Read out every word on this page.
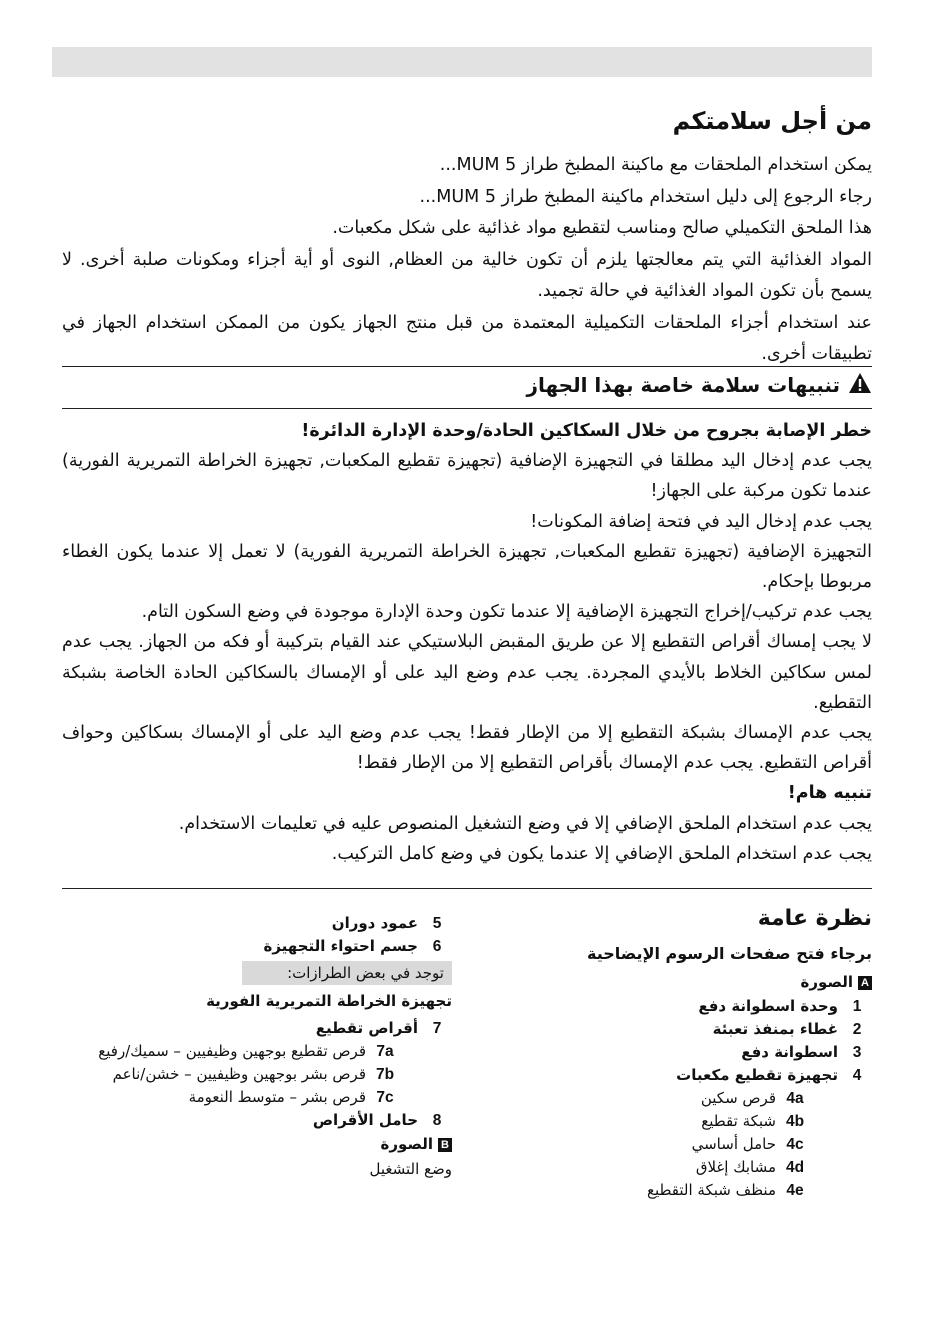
من أجل سلامتكم

يمكن استخدام الملحقات مع ماكينة المطبخ طراز MUM 5...

رجاء الرجوع إلى دليل استخدام ماكينة المطبخ طراز MUM 5...

هذا الملحق التكميلي صالح ومناسب لتقطيع مواد غذائية على شكل مكعبات.

المواد الغذائية التي يتم معالجتها يلزم أن تكون خالية من العظام, النوى أو أية أجزاء ومكونات صلبة أخرى. لا يسمح بأن تكون المواد الغذائية في حالة تجميد.

عند استخدام أجزاء الملحقات التكميلية المعتمدة من قبل منتج الجهاز يكون من الممكن استخدام الجهاز في تطبيقات أخرى.

تنبيهات سلامة خاصة بهذا الجهاز

خطر الإصابة بجروح من خلال السكاكين الحادة/وحدة الإدارة الدائرة!

يجب عدم إدخال اليد مطلقا في التجهيزة الإضافية (تجهيزة تقطيع المكعبات, تجهيزة الخراطة التمريرية الفورية) عندما تكون مركبة على الجهاز!

يجب عدم إدخال اليد في فتحة إضافة المكونات!

التجهيزة الإضافية (تجهيزة تقطيع المكعبات, تجهيزة الخراطة التمريرية الفورية) لا تعمل إلا عندما يكون الغطاء مربوطا بإحكام.

يجب عدم تركيب/إخراج التجهيزة الإضافية إلا عندما تكون وحدة الإدارة موجودة في وضع السكون التام.

لا يجب إمساك أقراص التقطيع إلا عن طريق المقبض البلاستيكي عند القيام بتركيبة أو فكه من الجهاز. يجب عدم لمس سكاكين الخلاط بالأيدي المجردة. يجب عدم وضع اليد على أو الإمساك بالسكاكين الحادة الخاصة بشبكة التقطيع.

يجب عدم الإمساك بشبكة التقطيع إلا من الإطار فقط! يجب عدم وضع اليد على أو الإمساك بسكاكين وحواف أقراص التقطيع. يجب عدم الإمساك بأقراص التقطيع إلا من الإطار فقط!

تنبيه هام!

يجب عدم استخدام الملحق الإضافي إلا في وضع التشغيل المنصوص عليه في تعليمات الاستخدام.

يجب عدم استخدام الملحق الإضافي إلا عندما يكون في وضع كامل التركيب.

نظرة عامة
برجاء فتح صفحات الرسوم الإيضاحية
A
الصورة
1
وحدة اسطوانة دفع
2
غطاء بمنفذ تعبئة
3
اسطوانة دفع
4
تجهيزة تقطيع مكعبات
4a
قرص سكين
4b
شبكة تقطيع
4c
حامل أساسي
4d
مشابك إغلاق
4e
منظف شبكة التقطيع
5
عمود دوران
6
جسم احتواء التجهيزة
توجد في بعض الطرازات:
تجهيزة الخراطة التمريرية الفورية
7
أقراص تقطيع
7a
قرص تقطيع بوجهين وظيفيين – سميك/رفيع
7b
قرص بشر بوجهين وظيفيين – خشن/ناعم
7c
قرص بشر – متوسط النعومة
8
حامل الأقراص
B
الصورة
وضع التشغيل
